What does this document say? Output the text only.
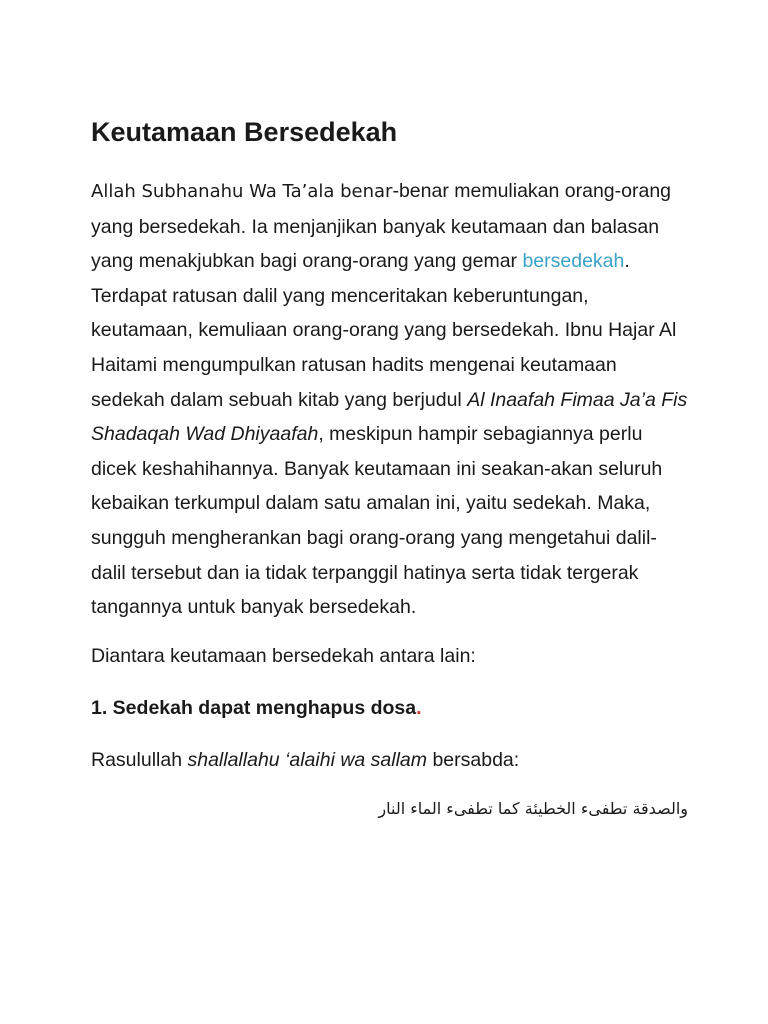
Keutamaan Bersedekah

Allah Subhanahu Wa Ta’ala benar-benar memuliakan orang-orang yang bersedekah. Ia menjanjikan banyak keutamaan dan balasan yang menakjubkan bagi orang-orang yang gemar bersedekah. Terdapat ratusan dalil yang menceritakan keberuntungan, keutamaan, kemuliaan orang-orang yang bersedekah. Ibnu Hajar Al Haitami mengumpulkan ratusan hadits mengenai keutamaan sedekah dalam sebuah kitab yang berjudul Al Inaafah Fimaa Ja’a Fis Shadaqah Wad Dhiyaafah, meskipun hampir sebagiannya perlu dicek keshahihannya. Banyak keutamaan ini seakan-akan seluruh kebaikan terkumpul dalam satu amalan ini, yaitu sedekah. Maka, sungguh mengherankan bagi orang-orang yang mengetahui dalil-dalil tersebut dan ia tidak terpanggil hatinya serta tidak tergerak tangannya untuk banyak bersedekah.

Diantara keutamaan bersedekah antara lain:

1. Sedekah dapat menghapus dosa.

Rasulullah shallallahu ‘alaihi wa sallam bersabda:

والصدقة تطفىء الخطيئة كما تطفىء الماء النار
